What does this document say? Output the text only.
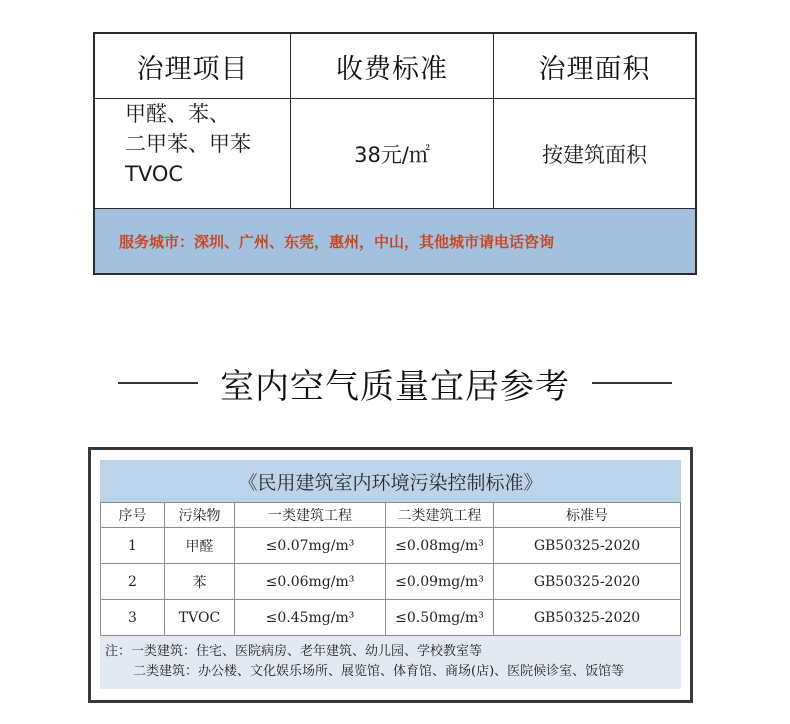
治理项目	收费标准	治理面积
甲醛、苯、
二甲苯、甲苯
TVOC
38元/㎡	按建筑面积
服务城市：深圳、广州、东莞，惠州，中山，其他城市请电话咨询
室内空气质量宜居参考
《民用建筑室内环境污染控制标准》
序号	污染物	一类建筑工程	二类建筑工程	标准号
1	甲醛	≤0.07mg/m³	≤0.08mg/m³	GB50325-2020
2	苯	≤0.06mg/m³	≤0.09mg/m³	GB50325-2020
3	TVOC	≤0.45mg/m³	≤0.50mg/m³	GB50325-2020
注：一类建筑：住宅、医院病房、老年建筑、幼儿园、学校教室等
二类建筑：办公楼、文化娱乐场所、展览馆、体育馆、商场(店)、医院候诊室、饭馆等
